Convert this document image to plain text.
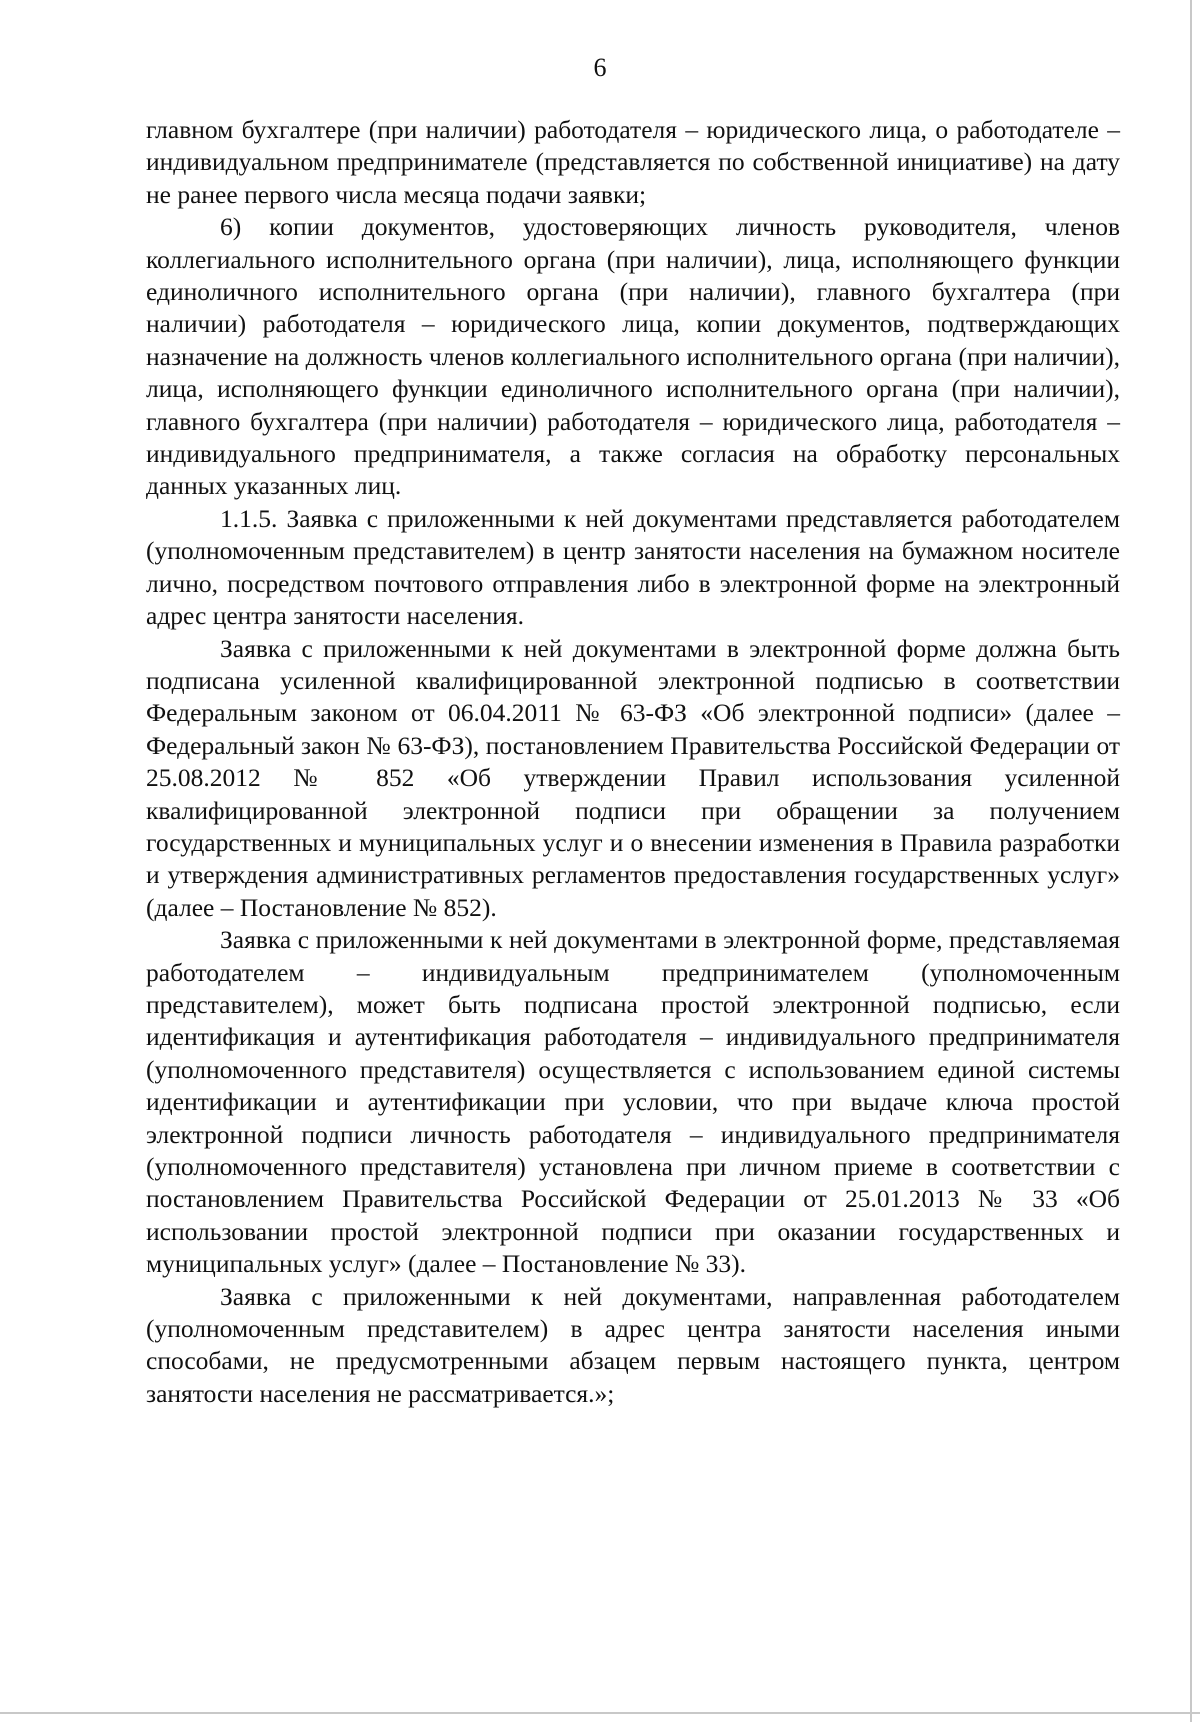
6

главном бухгалтере (при наличии) работодателя – юридического лица, о работодателе – индивидуальном предпринимателе (представляется по собственной инициативе) на дату не ранее первого числа месяца подачи заявки;

6) копии документов, удостоверяющих личность руководителя, членов коллегиального исполнительного органа (при наличии), лица, исполняющего функции единоличного исполнительного органа (при наличии), главного бухгалтера (при наличии) работодателя – юридического лица, копии документов, подтверждающих назначение на должность членов коллегиального исполнительного органа (при наличии), лица, исполняющего функции единоличного исполнительного органа (при наличии), главного бухгалтера (при наличии) работодателя – юридического лица, работодателя – индивидуального предпринимателя, а также согласия на обработку персональных данных указанных лиц.

1.1.5. Заявка с приложенными к ней документами представляется работодателем (уполномоченным представителем) в центр занятости населения на бумажном носителе лично, посредством почтового отправления либо в электронной форме на электронный адрес центра занятости населения.

Заявка с приложенными к ней документами в электронной форме должна быть подписана усиленной квалифицированной электронной подписью в соответствии Федеральным законом от 06.04.2011 № 63-ФЗ «Об электронной подписи» (далее – Федеральный закон № 63-ФЗ), постановлением Правительства Российской Федерации от 25.08.2012 № 852 «Об утверждении Правил использования усиленной квалифицированной электронной подписи при обращении за получением государственных и муниципальных услуг и о внесении изменения в Правила разработки и утверждения административных регламентов предоставления государственных услуг» (далее – Постановление № 852).

Заявка с приложенными к ней документами в электронной форме, представляемая работодателем – индивидуальным предпринимателем (уполномоченным представителем), может быть подписана простой электронной подписью, если идентификация и аутентификация работодателя – индивидуального предпринимателя (уполномоченного представителя) осуществляется с использованием единой системы идентификации и аутентификации при условии, что при выдаче ключа простой электронной подписи личность работодателя – индивидуального предпринимателя (уполномоченного представителя) установлена при личном приеме в соответствии с постановлением Правительства Российской Федерации от 25.01.2013 № 33 «Об использовании простой электронной подписи при оказании государственных и муниципальных услуг» (далее – Постановление № 33).

Заявка с приложенными к ней документами, направленная работодателем (уполномоченным представителем) в адрес центра занятости населения иными способами, не предусмотренными абзацем первым настоящего пункта, центром занятости населения не рассматривается.»;
